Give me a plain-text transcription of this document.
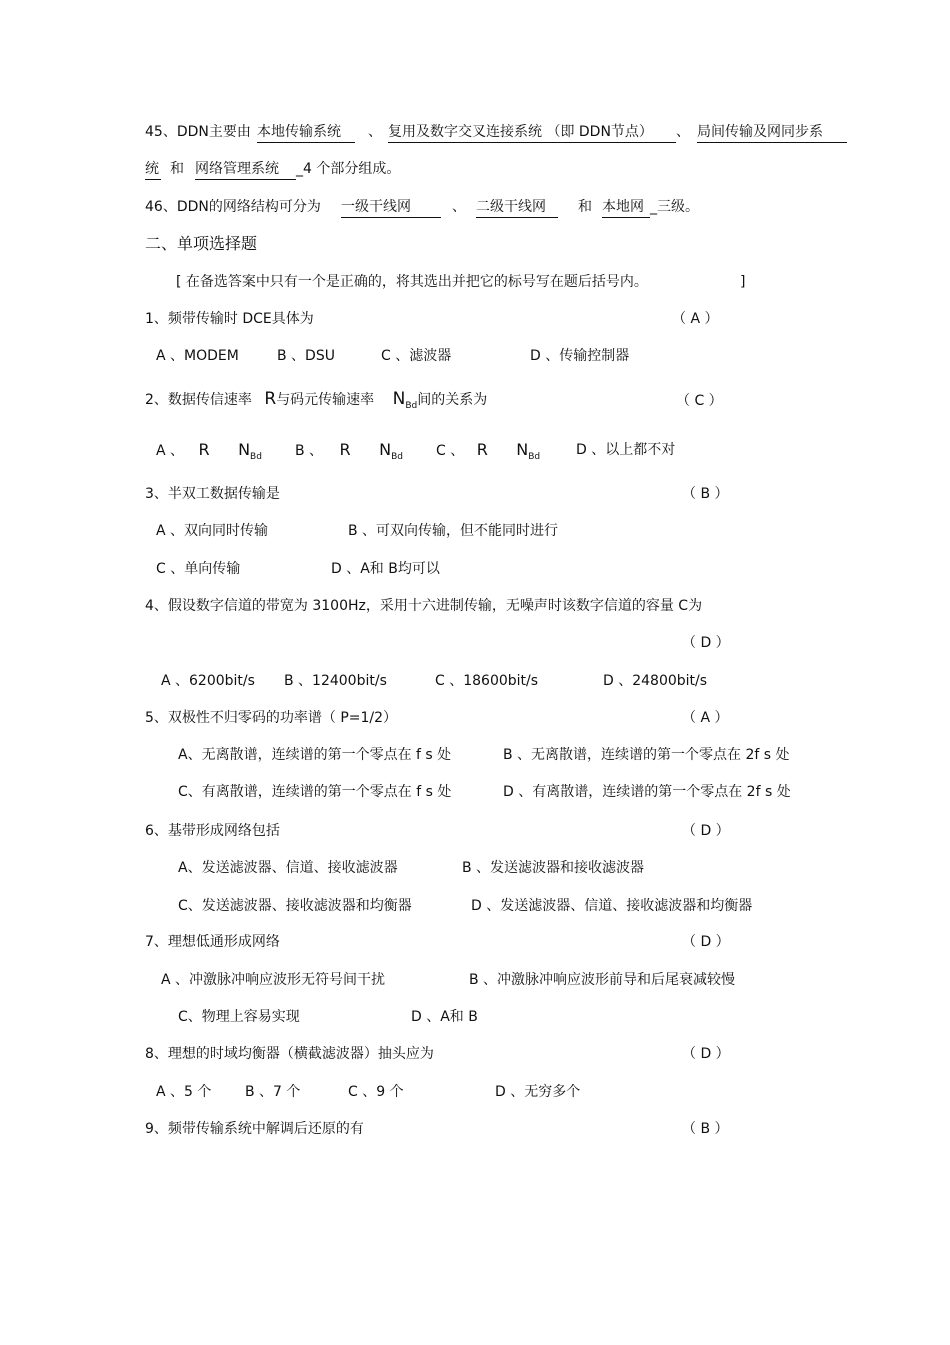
45、DDN主要由 本地传输系统	、 复用及数字交叉连接系统 （即 DDN节点）	、 局间传输及网同步系
统 和 网络管理系统	_4 个部分组成。
46、DDN的网络结构可分为 一级干线网	、 二级干线网	和 本地网 _三级。
二、单项选择题
[ 在备选答案中只有一个是正确的，将其选出并把它的标号写在题后括号内。	]
1、频带传输时 DCE具体为	（ A ）
A 、MODEM	B 、DSU	C 、滤波器	D 、传输控制器
2、数据传信速率 R与码元传输速率 $N_{Bd}$间的关系为	（ C ）
A 、 R $N_{Bd}$ B 、 R $N_{Bd}$ C 、 R $N_{Bd}$	D 、以上都不对
3、半双工数据传输是	（ B ）
A 、双向同时传输	B 、可双向传输，但不能同时进行
C 、单向传输	D 、A和 B均可以
4、假设数字信道的带宽为 3100Hz，采用十六进制传输，无噪声时该数字信道的容量 C为
（ D ）
A 、6200bit/s B 、12400bit/s	C 、18600bit/s	D 、24800bit/s
5、双极性不归零码的功率谱（ P=1/2）	（ A ）
A、无离散谱，连续谱的第一个零点在 f s 处	B 、无离散谱，连续谱的第一个零点在 2f s 处
C、有离散谱，连续谱的第一个零点在 f s 处	D 、有离散谱，连续谱的第一个零点在 2f s 处
6、基带形成网络包括	（ D ）
A、发送滤波器、信道、接收滤波器	B 、发送滤波器和接收滤波器
C、发送滤波器、接收滤波器和均衡器	D 、发送滤波器、信道、接收滤波器和均衡器
7、理想低通形成网络	（ D ）
A 、冲激脉冲响应波形无符号间干扰	B 、冲激脉冲响应波形前导和后尾衰减较慢
C、物理上容易实现	D 、A和 B
8、理想的时域均衡器（横截滤波器）抽头应为	（ D ）
A 、5 个 B 、7 个	C 、9 个	D 、无穷多个
9、频带传输系统中解调后还原的有	（ B ）
